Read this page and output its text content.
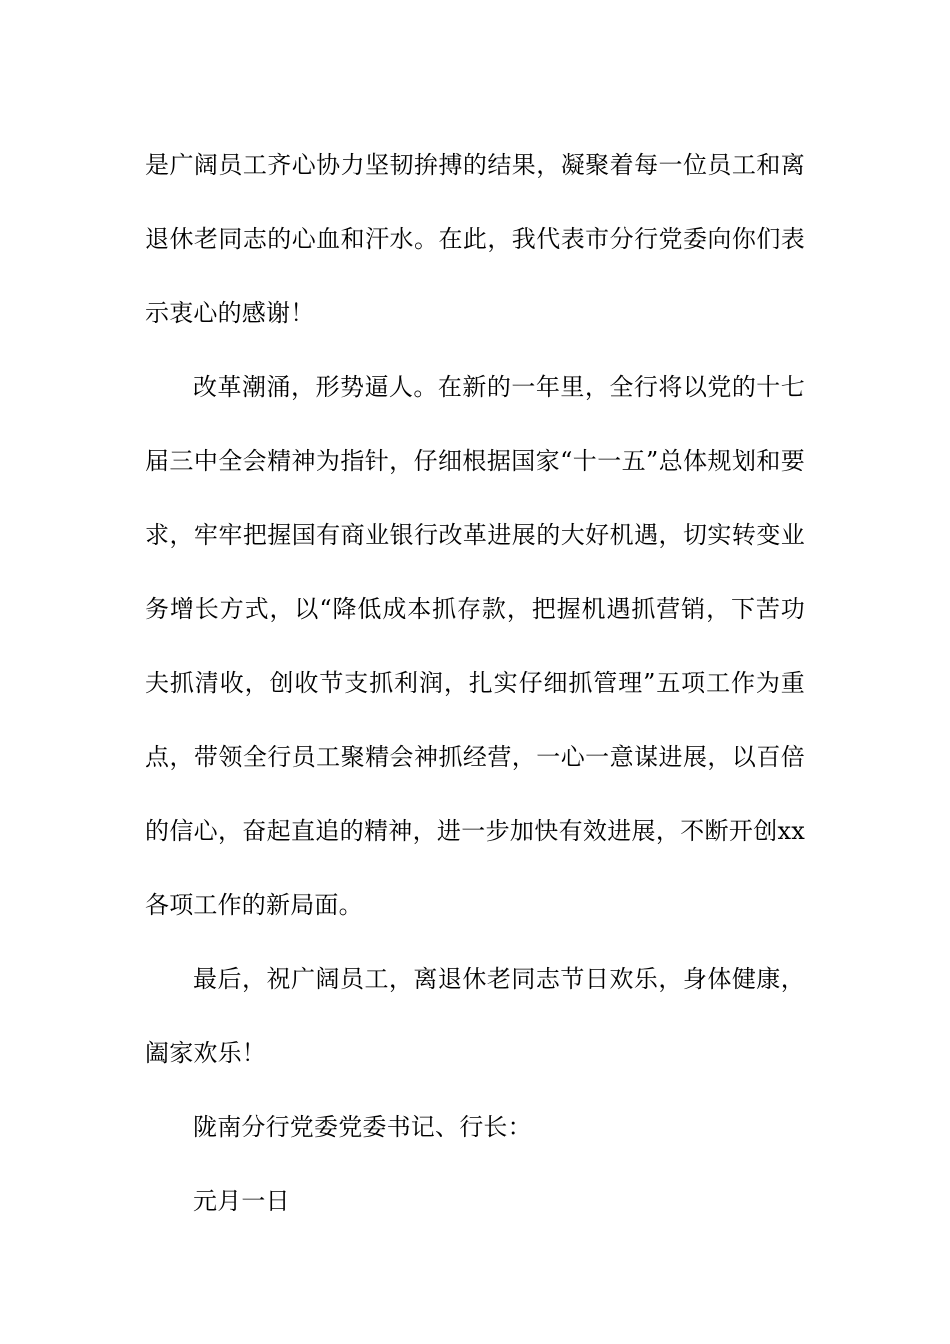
是广阔员工齐心协力坚韧拚搏的结果，凝聚着每一位员工和离退休老同志的心血和汗水。在此，我代表市分行党委向你们表示衷心的感谢！

改革潮涌，形势逼人。在新的一年里，全行将以党的十七届三中全会精神为指针，仔细根据国家“十一五”总体规划和要求，牢牢把握国有商业银行改革进展的大好机遇，切实转变业务增长方式，以“降低成本抓存款，把握机遇抓营销，下苦功夫抓清收，创收节支抓利润，扎实仔细抓管理”五项工作为重点，带领全行员工聚精会神抓经营，一心一意谋进展，以百倍的信心，奋起直追的精神，进一步加快有效进展，不断开创xx各项工作的新局面。

最后，祝广阔员工，离退休老同志节日欢乐，身体健康，阖家欢乐！

陇南分行党委党委书记、行长：

元月一日
